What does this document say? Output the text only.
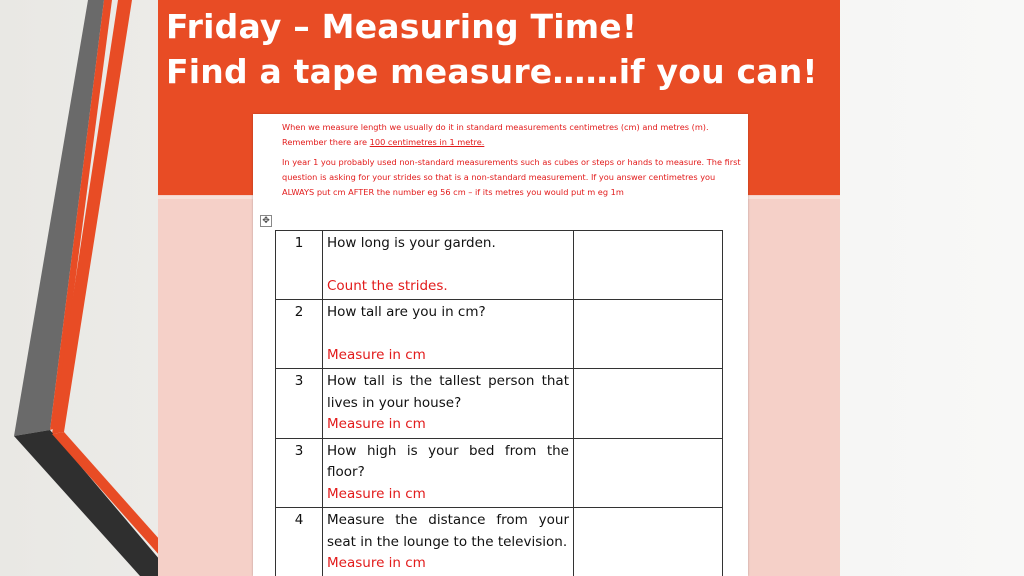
Friday – Measuring Time!
Find a tape measure……if you can!

When we measure length we usually do it in standard measurements centimetres (cm) and metres (m). Remember there are 100 centimetres in 1 metre.

In year 1 you probably used non-standard measurements such as cubes or steps or hands to measure. The first question is asking for your strides so that is a non-standard measurement. If you answer centimetres you ALWAYS put cm AFTER the number eg 56 cm – if its metres you would put m eg 1m

✥
1	How long is your garden.
Count the strides.	

2	How tall are you in cm?
Measure in cm	

3	How tall is the tallest person that lives in your house?
Measure in cm	

3	How high is your bed from the floor?
Measure in cm	

4	Measure the distance from your seat in the lounge to the television.
Measure in cm	
